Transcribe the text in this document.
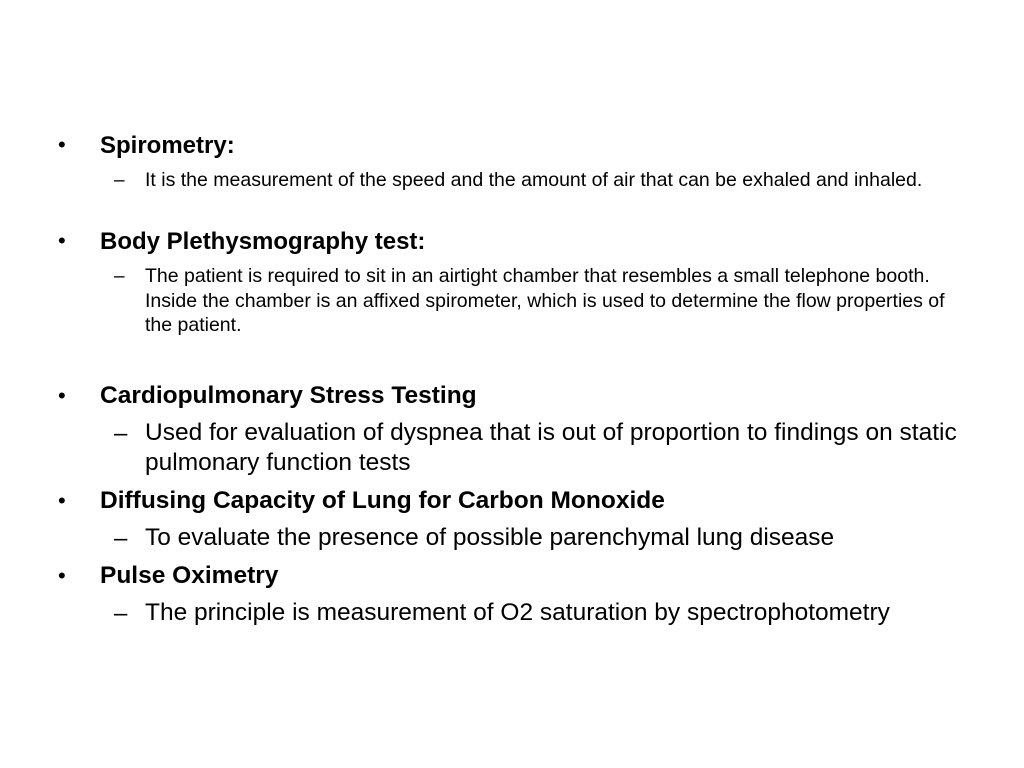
• Spirometry:
– It is the measurement of the speed and the amount of air that can be exhaled and inhaled.
• Body Plethysmography test:
– The patient is required to sit in an airtight chamber that resembles a small telephone booth. Inside the chamber is an affixed spirometer, which is used to determine the flow properties of the patient.
• Cardiopulmonary Stress Testing
– Used for evaluation of dyspnea that is out of proportion to findings on static pulmonary function tests
• Diffusing Capacity of Lung for Carbon Monoxide
– To evaluate the presence of possible parenchymal lung disease
• Pulse Oximetry
– The principle is measurement of O2 saturation by spectrophotometry
